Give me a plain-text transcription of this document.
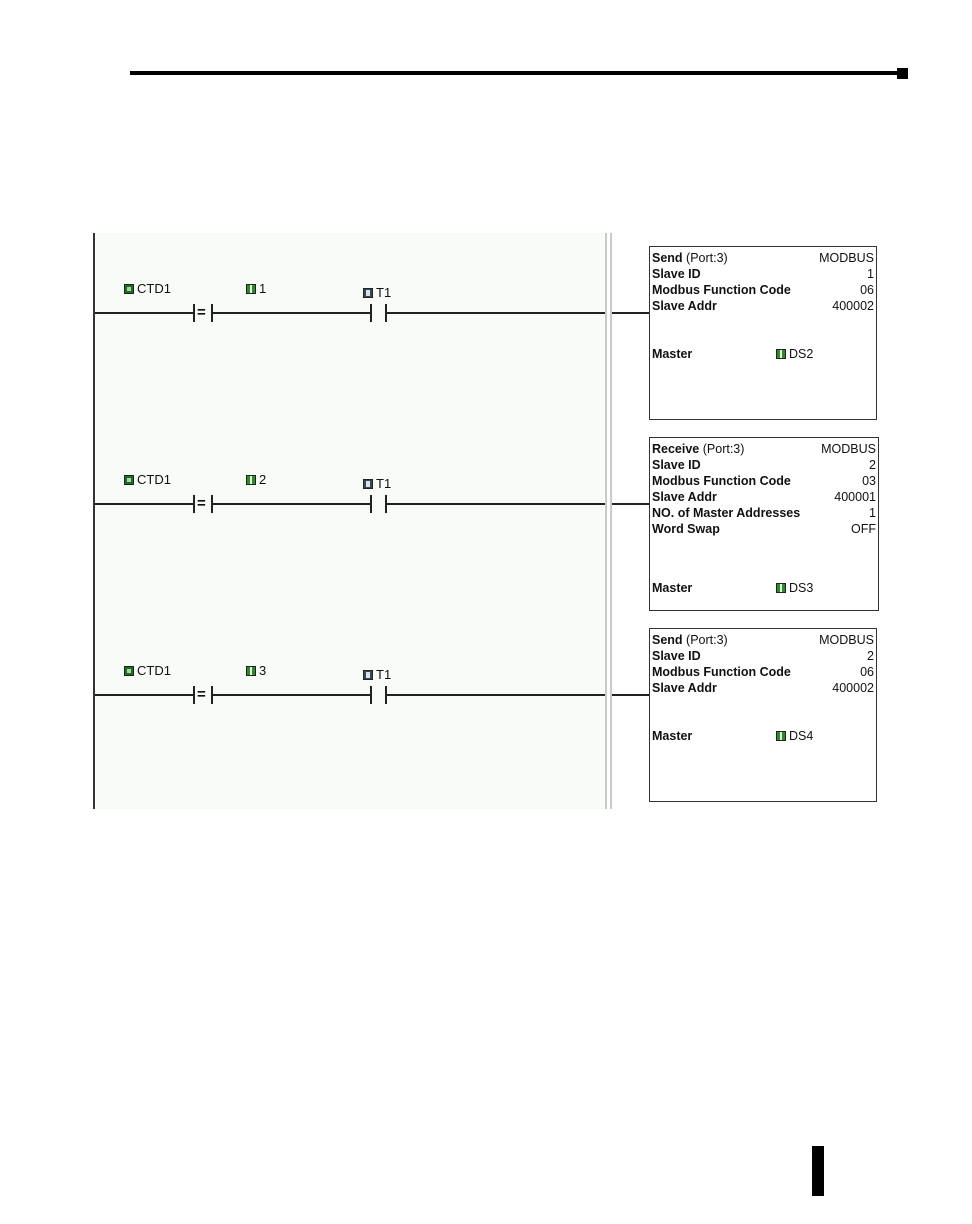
=
CTD1	1	T1
Send (Port:3)	MODBUS
Slave ID	1
Modbus Function Code	06
Slave Addr	400002
Master	DS2
=
CTD1	2	T1
Receive (Port:3)	MODBUS
Slave ID	2
Modbus Function Code	03
Slave Addr	400001
NO. of Master Addresses	1
Word Swap	OFF
Master	DS3
=
CTD1	3	T1
Send (Port:3)	MODBUS
Slave ID	2
Modbus Function Code	06
Slave Addr	400002
Master	DS4
